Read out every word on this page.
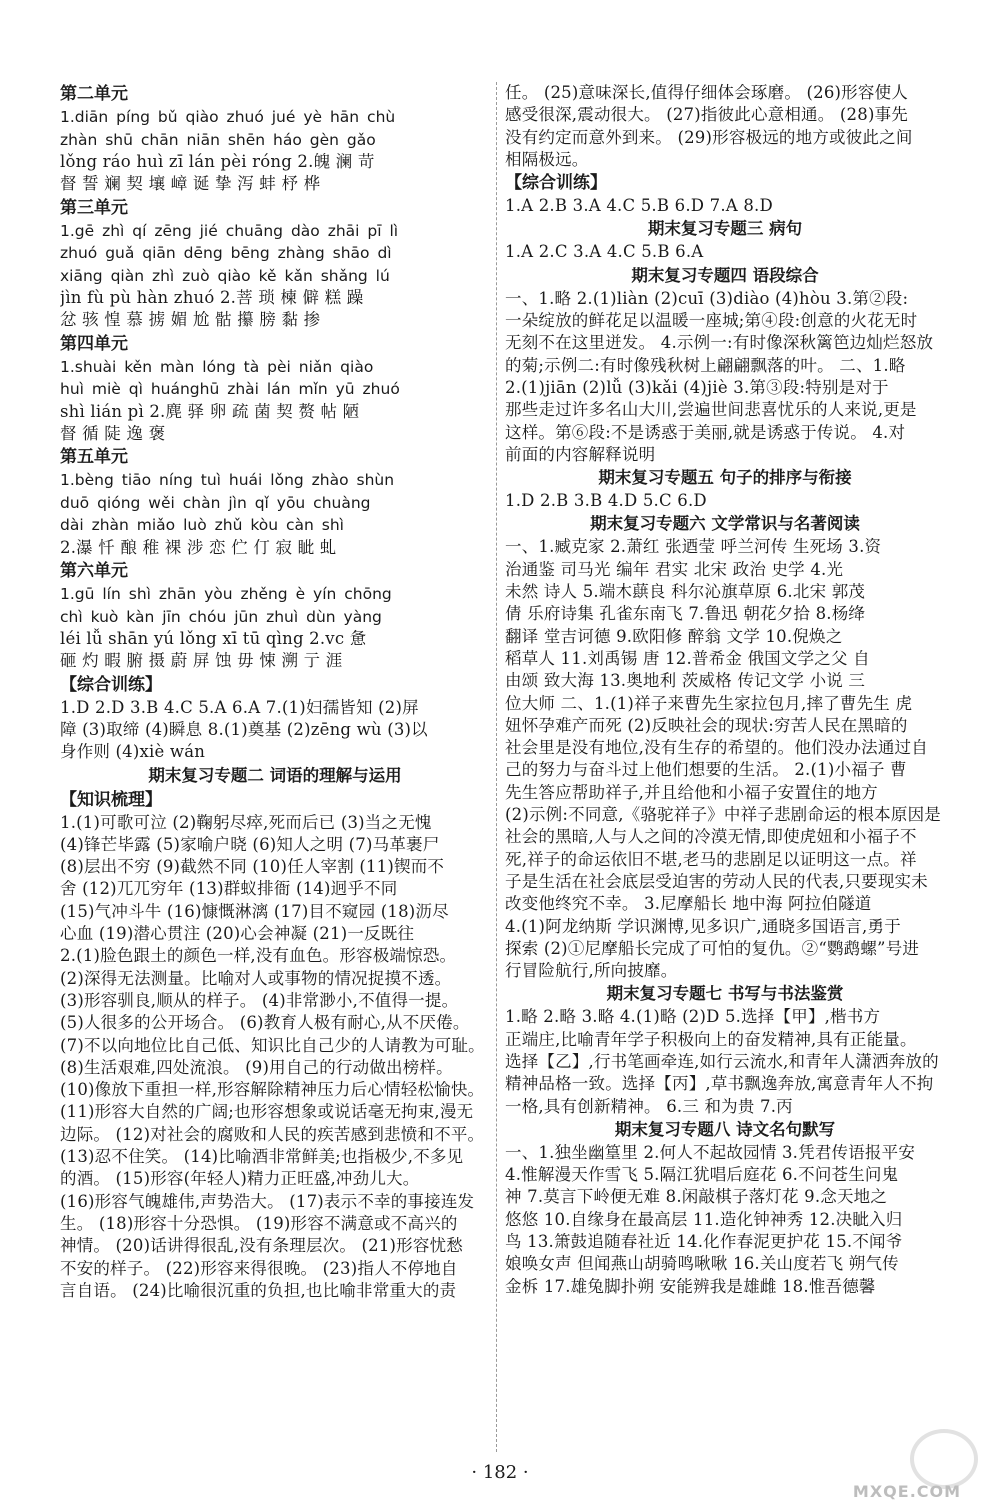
第二单元

1.diān píng bǔ qiào zhuó jué yè hān chù

zhàn shū chān niān shēn háo gèn gǎo

lǒng ráo huì zī lán pèi róng 2.魄 澜 苛

督 誓 斓 契 壤 嶂 诞 挚 泻 蚌 杼 桦

第三单元

1.gē zhì qí zēng jié chuāng dào zhāi pī lì

zhuó guǎ qiān dēng bēng zhàng shāo dì

xiāng qiàn zhì zuò qiào kě kǎn shǎng lú

jìn fù pù hàn zhuó 2.菩 琐 楝 僻 糕 躁

忿 骇 惶 慕 掳 媚 尬 骷 攥 膀 黏 掺

第四单元

1.shuài kěn màn lóng tà pèi niǎn qiào

huì miè qì huánghū zhài lán mǐn yū zhuó

shì lián pì 2.麂 驿 卵 疏 菌 契 赘 帖 陋

督 循 陡 逸 褒

第五单元

1.bèng tiāo níng tuì huái lǒng zhào shùn

duō qióng wěi chàn jìn qǐ yōu chuàng

dài zhàn miǎo luò zhǔ kòu càn shì

2.瀑 忏 酿 稚 裸 涉 恋 伫 仃 寂 眦 虬

第六单元

1.gū lín shì zhān yòu zhěng è yín chōng

chì kuò kàn jīn chóu jūn zhuì dùn yàng

léi lǚ shān yú lǒng xī tū qìng 2.vc 惫

砸 灼 暇 腑 摄 蔚 屏 蚀 毋 悚 溯 亍 涯

【综合训练】

1.D 2.D 3.B 4.C 5.A 6.A 7.(1)妇孺皆知 (2)屏

障 (3)取缔 (4)瞬息 8.(1)奠基 (2)zēng wù (3)以

身作则 (4)xiè wán

期末复习专题二 词语的理解与运用

【知识梳理】

1.(1)可歌可泣 (2)鞠躬尽瘁,死而后已 (3)当之无愧

(4)锋芒毕露 (5)家喻户晓 (6)知人之明 (7)马革裹尸

(8)层出不穷 (9)截然不同 (10)任人宰割 (11)锲而不

舍 (12)兀兀穷年 (13)群蚁排衙 (14)迥乎不同

(15)气冲斗牛 (16)慷慨淋漓 (17)目不窥园 (18)沥尽

心血 (19)潜心贯注 (20)心会神凝 (21)一反既往

2.(1)脸色跟土的颜色一样,没有血色。形容极端惊恐。

(2)深得无法测量。比喻对人或事物的情况捉摸不透。

(3)形容驯良,顺从的样子。 (4)非常渺小,不值得一提。

(5)人很多的公开场合。 (6)教育人极有耐心,从不厌倦。

(7)不以向地位比自己低、知识比自己少的人请教为可耻。

(8)生活艰难,四处流浪。 (9)用自己的行动做出榜样。

(10)像放下重担一样,形容解除精神压力后心情轻松愉快。

(11)形容大自然的广阔;也形容想象或说话毫无拘束,漫无

边际。 (12)对社会的腐败和人民的疾苦感到悲愤和不平。

(13)忍不住笑。 (14)比喻酒非常鲜美;也指极少,不多见

的酒。 (15)形容(年轻人)精力正旺盛,冲劲儿大。

(16)形容气魄雄伟,声势浩大。 (17)表示不幸的事接连发

生。 (18)形容十分恐惧。 (19)形容不满意或不高兴的

神情。 (20)话讲得很乱,没有条理层次。 (21)形容忧愁

不安的样子。 (22)形容来得很晚。 (23)指人不停地自

言自语。 (24)比喻很沉重的负担,也比喻非常重大的责

任。 (25)意味深长,值得仔细体会琢磨。 (26)形容使人

感受很深,震动很大。 (27)指彼此心意相通。 (28)事先

没有约定而意外到来。 (29)形容极远的地方或彼此之间

相隔极远。

【综合训练】

1.A 2.B 3.A 4.C 5.B 6.D 7.A 8.D

期末复习专题三 病句

1.A 2.C 3.A 4.C 5.B 6.A

期末复习专题四 语段综合

一、1.略 2.(1)liàn (2)cuī (3)diào (4)hòu 3.第②段:

一朵绽放的鲜花足以温暖一座城;第④段:创意的火花无时

无刻不在这里迸发。 4.示例一:有时像深秋篱笆边灿烂怒放

的菊;示例二:有时像残秋树上翩翩飘落的叶。 二、1.略

2.(1)jiān (2)lǚ (3)kǎi (4)jiè 3.第③段:特别是对于

那些走过许多名山大川,尝遍世间悲喜忧乐的人来说,更是

这样。第⑥段:不是诱惑于美丽,就是诱惑于传说。 4.对

前面的内容解释说明

期末复习专题五 句子的排序与衔接

1.D 2.B 3.B 4.D 5.C 6.D

期末复习专题六 文学常识与名著阅读

一、1.臧克家 2.萧红 张迺莹 呼兰河传 生死场 3.资

治通鉴 司马光 编年 君实 北宋 政治 史学 4.光

未然 诗人 5.端木蕻良 科尔沁旗草原 6.北宋 郭茂

倩 乐府诗集 孔雀东南飞 7.鲁迅 朝花夕拾 8.杨绛

翻译 堂吉诃德 9.欧阳修 醉翁 文学 10.倪焕之

稻草人 11.刘禹锡 唐 12.普希金 俄国文学之父 自

由颂 致大海 13.奥地利 茨威格 传记文学 小说 三

位大师 二、1.(1)祥子来曹先生家拉包月,摔了曹先生 虎

妞怀孕难产而死 (2)反映社会的现状:穷苦人民在黑暗的

社会里是没有地位,没有生存的希望的。他们没办法通过自

己的努力与奋斗过上他们想要的生活。 2.(1)小福子 曹

先生答应帮助祥子,并且给他和小福子安置住的地方

(2)示例:不同意,《骆驼祥子》中祥子悲剧命运的根本原因是

社会的黑暗,人与人之间的冷漠无情,即使虎妞和小福子不

死,祥子的命运依旧不堪,老马的悲剧足以证明这一点。祥

子是生活在社会底层受迫害的劳动人民的代表,只要现实未

改变他终究不幸。 3.尼摩船长 地中海 阿拉伯隧道

4.(1)阿龙纳斯 学识渊博,见多识广,通晓多国语言,勇于

探索 (2)①尼摩船长完成了可怕的复仇。②“鹦鹉螺”号进

行冒险航行,所向披靡。

期末复习专题七 书写与书法鉴赏

1.略 2.略 3.略 4.(1)略 (2)D 5.选择【甲】,楷书方

正端庄,比喻青年学子积极向上的奋发精神,具有正能量。

选择【乙】,行书笔画牵连,如行云流水,和青年人潇洒奔放的

精神品格一致。选择【丙】,草书飘逸奔放,寓意青年人不拘

一格,具有创新精神。 6.三 和为贵 7.丙

期末复习专题八 诗文名句默写

一、1.独坐幽篁里 2.何人不起故园情 3.凭君传语报平安

4.惟解漫天作雪飞 5.隔江犹唱后庭花 6.不问苍生问鬼

神 7.莫言下岭便无难 8.闲敲棋子落灯花 9.念天地之

悠悠 10.自缘身在最高层 11.造化钟神秀 12.决眦入归

鸟 13.箫鼓追随春社近 14.化作春泥更护花 15.不闻爷

娘唤女声 但闻燕山胡骑鸣啾啾 16.关山度若飞 朔气传

金柝 17.雄兔脚扑朔 安能辨我是雄雌 18.惟吾德馨

· 182 ·
MXQE.COM
